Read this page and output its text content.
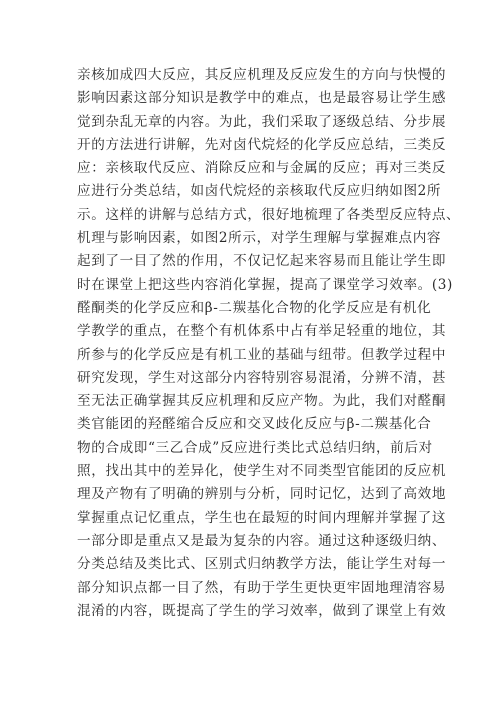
亲核加成四大反应，其反应机理及反应发生的方向与快慢的
影响因素这部分知识是教学中的难点，也是最容易让学生感
觉到杂乱无章的内容。为此，我们采取了逐级总结、分步展
开的方法进行讲解，先对卤代烷烃的化学反应总结，三类反
应：亲核取代反应、消除反应和与金属的反应；再对三类反
应进行分类总结，如卤代烷烃的亲核取代反应归纳如图2所
示。这样的讲解与总结方式，很好地梳理了各类型反应特点、
机理与影响因素，如图2所示，对学生理解与掌握难点内容
起到了一目了然的作用，不仅记忆起来容易而且能让学生即
时在课堂上把这些内容消化掌握，提高了课堂学习效率。(3)
醛酮类的化学反应和β-二羰基化合物的化学反应是有机化
学教学的重点，在整个有机体系中占有举足轻重的地位，其
所参与的化学反应是有机工业的基础与纽带。但教学过程中
研究发现，学生对这部分内容特别容易混淆，分辨不清，甚
至无法正确掌握其反应机理和反应产物。为此，我们对醛酮
类官能团的羟醛缩合反应和交叉歧化反应与β-二羰基化合
物的合成即“三乙合成”反应进行类比式总结归纳，前后对
照，找出其中的差异化，使学生对不同类型官能团的反应机
理及产物有了明确的辨别与分析，同时记忆，达到了高效地
掌握重点记忆重点，学生也在最短的时间内理解并掌握了这
一部分即是重点又是最为复杂的内容。通过这种逐级归纳、
分类总结及类比式、区别式归纳教学方法，能让学生对每一
部分知识点都一目了然，有助于学生更快更牢固地理清容易
混淆的内容，既提高了学生的学习效率，做到了课堂上有效
